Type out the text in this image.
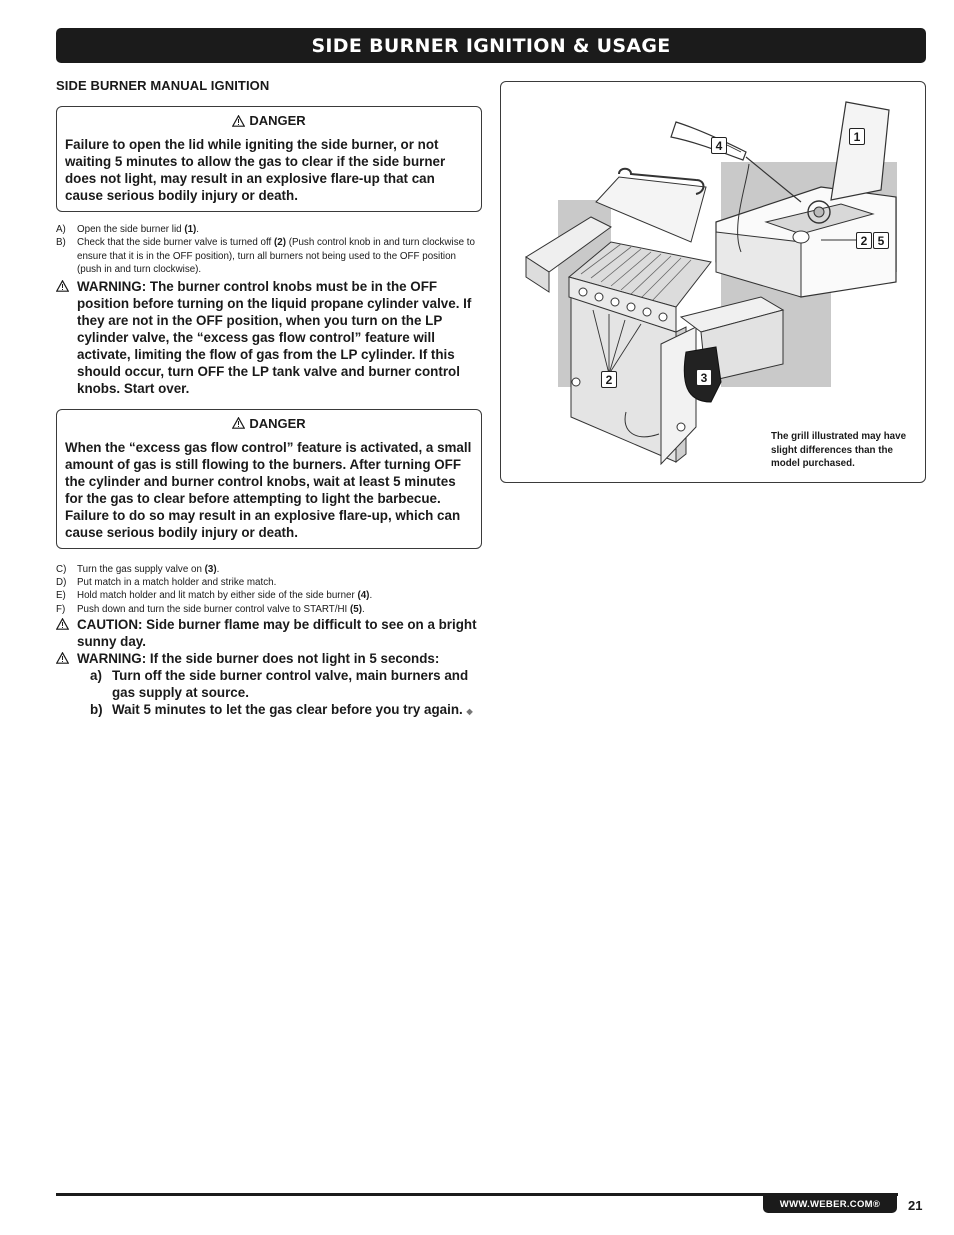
SIDE BURNER IGNITION & USAGE
SIDE BURNER MANUAL IGNITION
DANGER
Failure to open the lid while igniting the side burner, or not waiting 5 minutes to allow the gas to clear if the side burner does not light, may result in an explosive flare-up that can cause serious bodily injury or death.
A)	Open the side burner lid (1).
B)	Check that the side burner valve is turned off (2) (Push control knob in and turn clockwise to ensure that it is in the OFF position), turn all burners not being used to the OFF position (push in and turn clockwise).
WARNING: The burner control knobs must be in the OFF position before turning on the liquid propane cylinder valve. If they are not in the OFF position, when you turn on the LP cylinder valve, the “excess gas flow control” feature will activate, limiting the flow of gas from the LP cylinder. If this should occur, turn OFF the LP tank valve and burner control knobs. Start over.
DANGER
When the “excess gas flow control” feature is activated, a small amount of gas is still flowing to the burners. After turning OFF the cylinder and burner control knobs, wait at least 5 minutes for the gas to clear before attempting to light the barbecue. Failure to do so may result in an explosive flare-up, which can cause serious bodily injury or death.
C)	Turn the gas supply valve on (3).
D)	Put match in a match holder and strike match.
E)	Hold match holder and lit match by either side of the side burner (4).
F)	Push down and turn the side burner control valve to START/HI (5).
CAUTION: Side burner flame may be difficult to see on a bright sunny day.
WARNING: If the side burner does not light in 5 seconds:
a) Turn off the side burner control valve, main burners and gas supply at source.
b) Wait 5 minutes to let the gas clear before you try again. ◆
1
2 5
4
2	3
The grill illustrated may have slight differences than the model purchased.
WWW.WEBER.COM®	21
